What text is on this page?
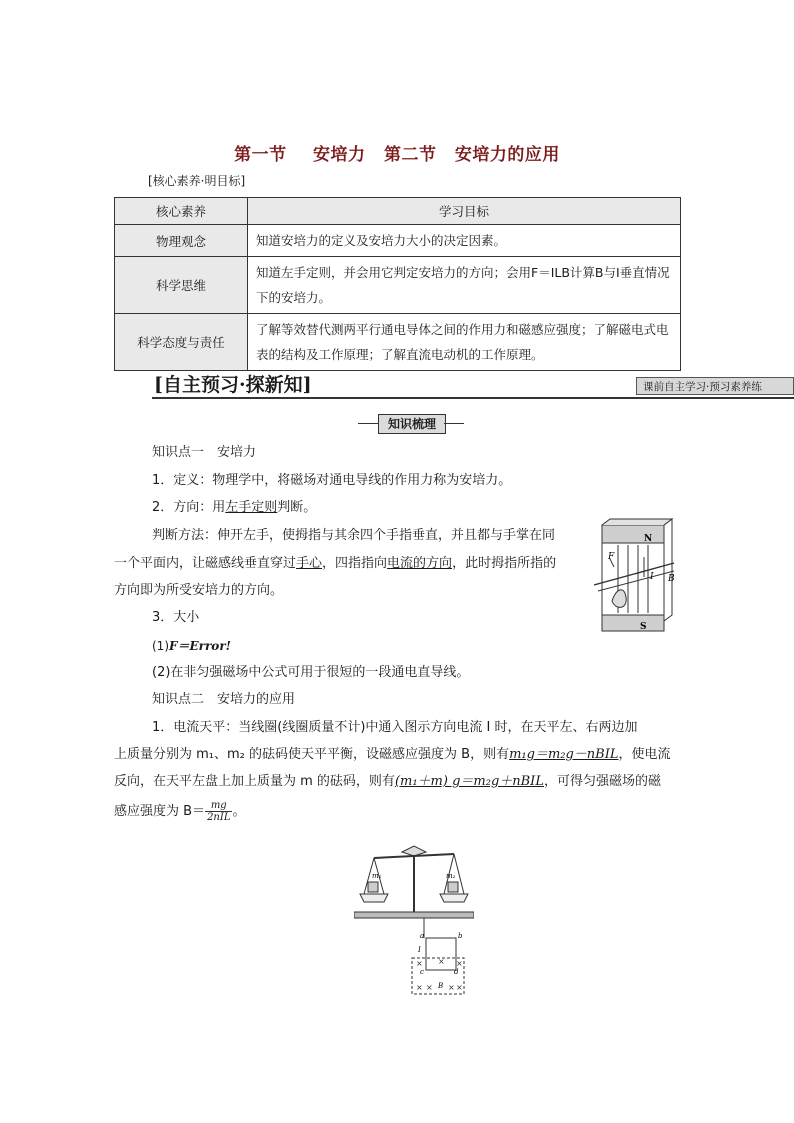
第一节 安培力 第二节 安培力的应用
[核心素养·明目标]
核心素养	学习目标
物理观念	知道安培力的定义及安培力大小的决定因素。
科学思维	知道左手定则，并会用它判定安培力的方向；会用F＝ILB计算B与I垂直情况下的安培力。
科学态度与责任	了解等效替代测两平行通电导体之间的作用力和磁感应强度；了解磁电式电表的结构及工作原理；了解直流电动机的工作原理。
[自主预习·探新知]	课前自主学习·预习素养练
知识梳理
知识点一　安培力
1．定义：物理学中，将磁场对通电导线的作用力称为安培力。
2．方向：用左手定则判断。
判断方法：伸开左手，使拇指与其余四个手指垂直，并且都与手掌在同
一个平面内，让磁感线垂直穿过手心，四指指向电流的方向，此时拇指所指的
方向即为所受安培力的方向。
3．大小
(1)F＝Error!
(2)在非匀强磁场中公式可用于很短的一段通电直导线。
知识点二　安培力的应用
1．电流天平：当线圈(线圈质量不计)中通入图示方向电流 I 时，在天平左、右两边加
上质量分别为 m₁、m₂ 的砝码使天平平衡，设磁感应强度为 B，则有m₁g＝m₂g－nBIL，使电流
反向，在天平左盘上加上质量为 m 的砝码，则有(m₁＋m) g＝m₂g＋nBIL，可得匀强磁场的磁
感应强度为 $B= \frac{mg}{\text{2nIL}}$ 。
N
S
F
I B
m₁	m₂
a	b
I
c	d
B
× × ×
× × × ×
